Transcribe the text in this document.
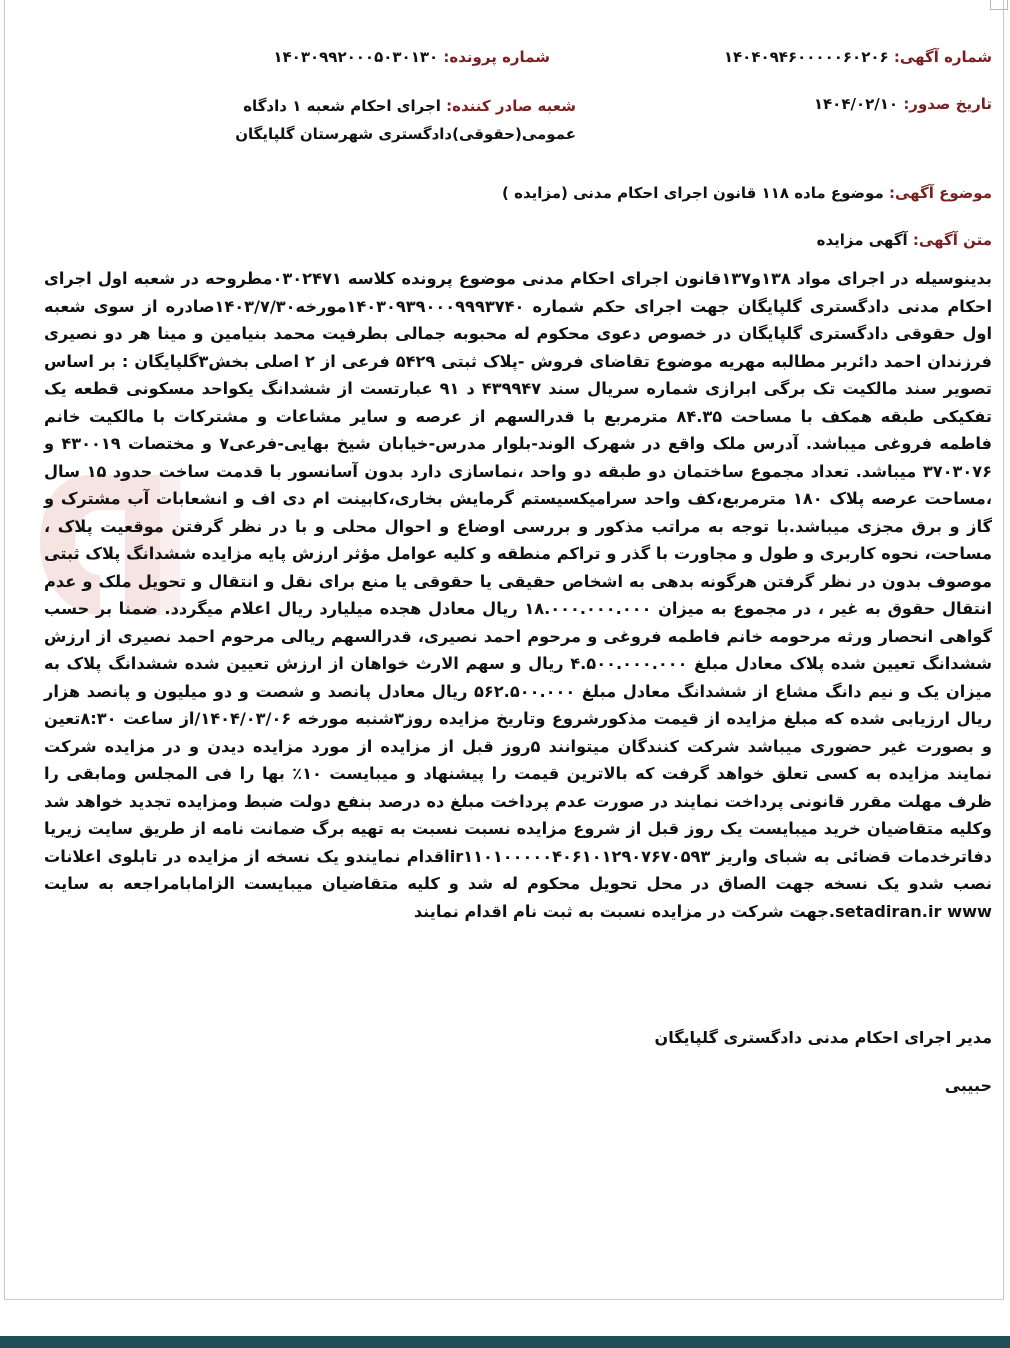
شماره آگهی: ۱۴۰۴۰۹۴۶۰۰۰۰۰۶۰۲۰۶
شماره پرونده: ۱۴۰۳۰۹۹۲۰۰۰۵۰۳۰۱۳۰
تاریخ صدور: ۱۴۰۴/۰۲/۱۰
شعبه صادر کننده: اجرای احکام شعبه ۱ دادگاه عمومی(حقوقی)دادگستری شهرستان گلپایگان
موضوع آگهی: موضوع ماده ۱۱۸ قانون اجرای احکام مدنی (مزایده )
متن آگهی: آگهی مزایده
بدینوسیله در اجرای مواد ۱۳۸و۱۳۷قانون اجرای احکام مدنی موضوع پرونده کلاسه ۰۳۰۲۴۷۱مطروحه در شعبه اول اجرای احکام مدنی دادگستری گلپایگان جهت اجرای حکم شماره ۱۴۰۳۰۹۳۹۰۰۰۹۹۹۳۷۴۰مورخه۱۴۰۳/۷/۳۰صادره از سوی شعبه اول حقوقی دادگستری گلپایگان در خصوص دعوی محکوم له محبوبه جمالی بطرفیت محمد بنیامین و مینا هر دو نصیری فرزندان احمد دائربر مطالبه مهریه موضوع تقاضای فروش -پلاک ثبتی ۵۴۲۹ فرعی از ۲ اصلی بخش۳گلپایگان : بر اساس تصویر سند مالکیت تک برگی ابرازی شماره سریال سند ۴۳۹۹۴۷ د ۹۱ عبارتست از ششدانگ یکواحد مسکونی قطعه یک تفکیکی طبقه همکف با مساحت ۸۴.۳۵ مترمربع با قدرالسهم از عرصه و سایر مشاعات و مشترکات با مالکیت خانم فاطمه فروغی میباشد. آدرس ملک واقع در شهرک الوند-بلوار مدرس-خیابان شیخ بهایی-فرعی۷ و مختصات ۴۳۰۰۱۹ و ۳۷۰۳۰۷۶ میباشد. تعداد مجموع ساختمان دو طبقه دو واحد ،نماسازی دارد بدون آسانسور با قدمت ساخت حدود ۱۵ سال ،مساحت عرصه پلاک ۱۸۰ مترمربع،کف واحد سرامیکسیستم گرمایش بخاری،کابینت ام دی اف و انشعابات آب مشترک و گاز و برق مجزی میباشد.با توجه به مراتب مذکور و بررسی اوضاع و احوال محلی و با در نظر گرفتن موقعیت پلاک ، مساحت، نحوه کاربری و طول و مجاورت با گذر و تراکم منطقه و کلیه عوامل مؤثر ارزش پایه مزایده ششدانگ پلاک ثبتی موصوف بدون در نظر گرفتن هرگونه بدهی به اشخاص حقیقی یا حقوقی یا منع برای نقل و انتقال و تحویل ملک و عدم انتقال حقوق به غیر ، در مجموع به میزان ۱۸.۰۰۰.۰۰۰.۰۰۰ ریال معادل هجده میلیارد ریال اعلام میگردد. ضمنا بر حسب گواهی انحصار ورثه مرحومه خانم فاطمه فروغی و مرحوم احمد نصیری، قدرالسهم ریالی مرحوم احمد نصیری از ارزش ششدانگ تعیین شده پلاک معادل مبلغ ۴.۵۰۰.۰۰۰.۰۰۰ ریال و سهم الارث خواهان از ارزش تعیین شده ششدانگ پلاک به میزان یک و نیم دانگ مشاع از ششدانگ معادل مبلغ ۵۶۲.۵۰۰.۰۰۰ ریال معادل پانصد و شصت و دو میلیون و پانصد هزار ریال ارزیابی شده که مبلغ مزایده از قیمت مذکورشروع وتاریخ مزایده روز۳شنبه مورخه ۱۴۰۴/۰۳/۰۶/از ساعت ۸:۳۰تعین و بصورت غیر حضوری میباشد شرکت کنندگان میتوانند ۵روز قبل از مزایده از مورد مزایده دیدن و در مزایده شرکت نمایند مزایده به کسی تعلق خواهد گرفت که بالاترین قیمت را پیشنهاد و میبایست ۱۰٪ بها را فی المجلس ومابقی را ظرف مهلت مقرر قانونی پرداخت نمایند در صورت عدم پرداخت مبلغ ده درصد بنفع دولت ضبط ومزایده تجدید خواهد شد وکلیه متقاضیان خرید میبایست یک روز قبل از شروع مزایده نسبت نسبت به تهیه برگ ضمانت نامه از طریق سایت زیریا دفاترخدمات قضائی به شبای واریز ir۱۱۰۱۰۰۰۰۰۴۰۶۱۰۱۲۹۰۷۶۷۰۵۹۳اقدام نمایندو یک نسخه از مزایده در تابلوی اعلانات نصب شدو یک نسخه جهت الصاق در محل تحویل محکوم له شد و کلیه متقاضیان میبایست الزامابامراجعه به سایت setadiran.ir www.جهت شرکت در مزایده نسبت به ثبت نام اقدام نمایند
مدیر اجرای احکام مدنی دادگستری گلپایگان
حبیبی
